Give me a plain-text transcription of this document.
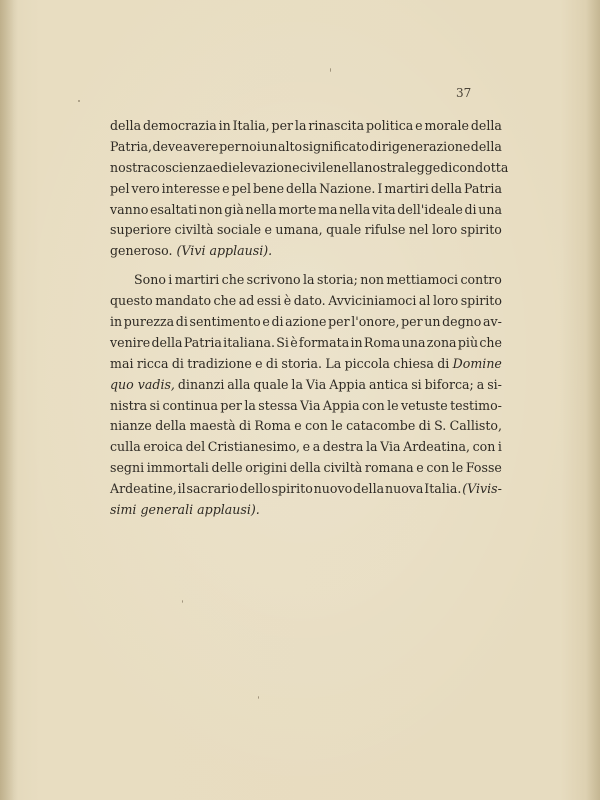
37
della democrazia in Italia, per la rinascita politica e morale della
Patria, deve avere per noi un alto significato di rigenerazione della
nostra coscienza e di elevazione civile nella nostra legge di condotta
pel vero interesse e pel bene della Nazione. I martiri della Patria
vanno esaltati non già nella morte ma nella vita dell'ideale di una
superiore civiltà sociale e umana, quale rifulse nel loro spirito
generoso. (Vivi applausi).
Sono i martiri che scrivono la storia; non mettiamoci contro
questo mandato che ad essi è dato. Avviciniamoci al loro spirito
in purezza di sentimento e di azione per l'onore, per un degno av-
venire della Patria italiana. Si è formata in Roma una zona più che
mai ricca di tradizione e di storia. La piccola chiesa di Domine
quo vadis, dinanzi alla quale la Via Appia antica si biforca; a si-
nistra si continua per la stessa Via Appia con le vetuste testimo-
nianze della maestà di Roma e con le catacombe di S. Callisto,
culla eroica del Cristianesimo, e a destra la Via Ardeatina, con i
segni immortali delle origini della civiltà romana e con le Fosse
Ardeatine, il sacrario dello spirito nuovo della nuova Italia. (Vivis-
simi generali applausi).
